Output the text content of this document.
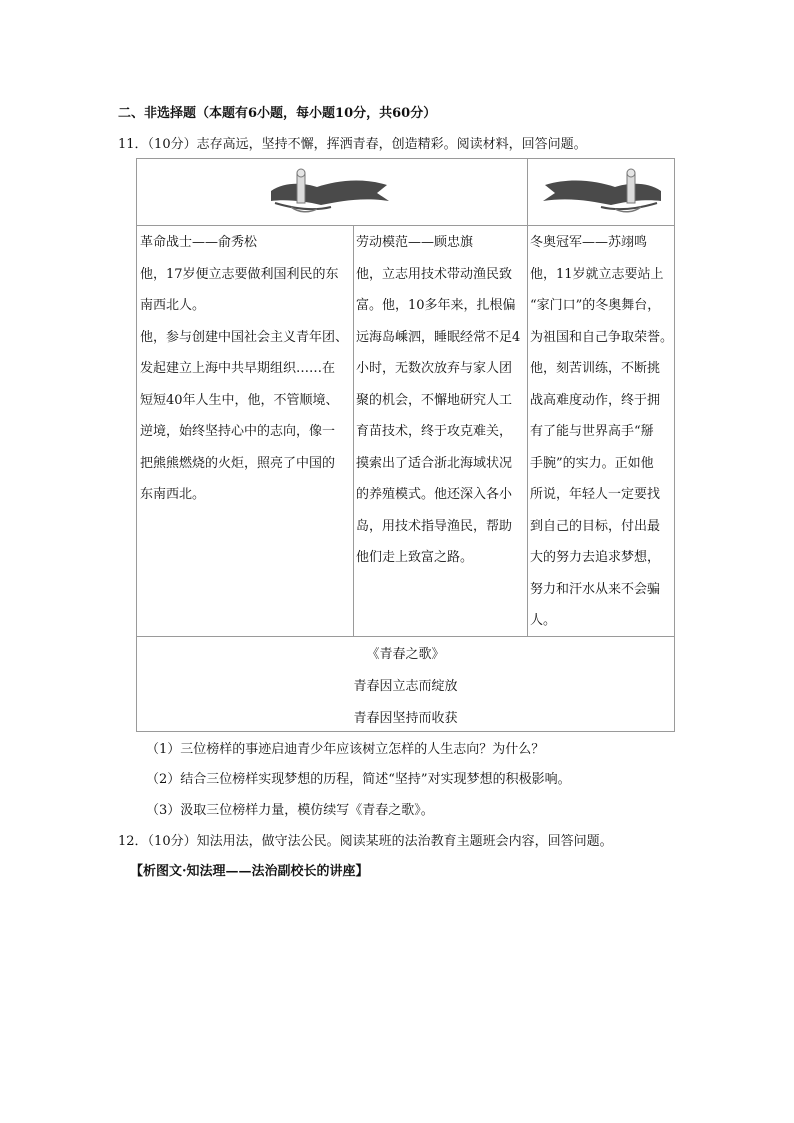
二、非选择题（本题有6小题，每小题10分，共60分）
11．（10分）志存高远，坚持不懈，挥洒青春，创造精彩。阅读材料，回答问题。
革命战士——俞秀松
他，17岁便立志要做利国利民的东
南西北人。
他，参与创建中国社会主义青年团、
发起建立上海中共早期组织……在
短短40年人生中，他，不管顺境、
逆境，始终坚持心中的志向，像一
把熊熊燃烧的火炬，照亮了中国的
东南西北。
劳动模范——顾忠旗
他，立志用技术带动渔民致
富。他，10多年来，扎根偏
远海岛嵊泗，睡眠经常不足4
小时，无数次放弃与家人团
聚的机会，不懈地研究人工
育苗技术，终于攻克难关，
摸索出了适合浙北海域状况
的养殖模式。他还深入各小
岛，用技术指导渔民，帮助
他们走上致富之路。
冬奥冠军——苏翊鸣
他，11岁就立志要站上
“家门口”的冬奥舞台，
为祖国和自己争取荣誉。
他，刻苦训练，不断挑
战高难度动作，终于拥
有了能与世界高手“掰
手腕”的实力。正如他
所说，年轻人一定要找
到自己的目标，付出最
大的努力去追求梦想，
努力和汗水从来不会骗
人。
《青春之歌》
青春因立志而绽放
青春因坚持而收获
（1）三位榜样的事迹启迪青少年应该树立怎样的人生志向？为什么？
（2）结合三位榜样实现梦想的历程，简述“坚持”对实现梦想的积极影响。
（3）汲取三位榜样力量，模仿续写《青春之歌》。
12．（10分）知法用法，做守法公民。阅读某班的法治教育主题班会内容，回答问题。
【析图文·知法理——法治副校长的讲座】
